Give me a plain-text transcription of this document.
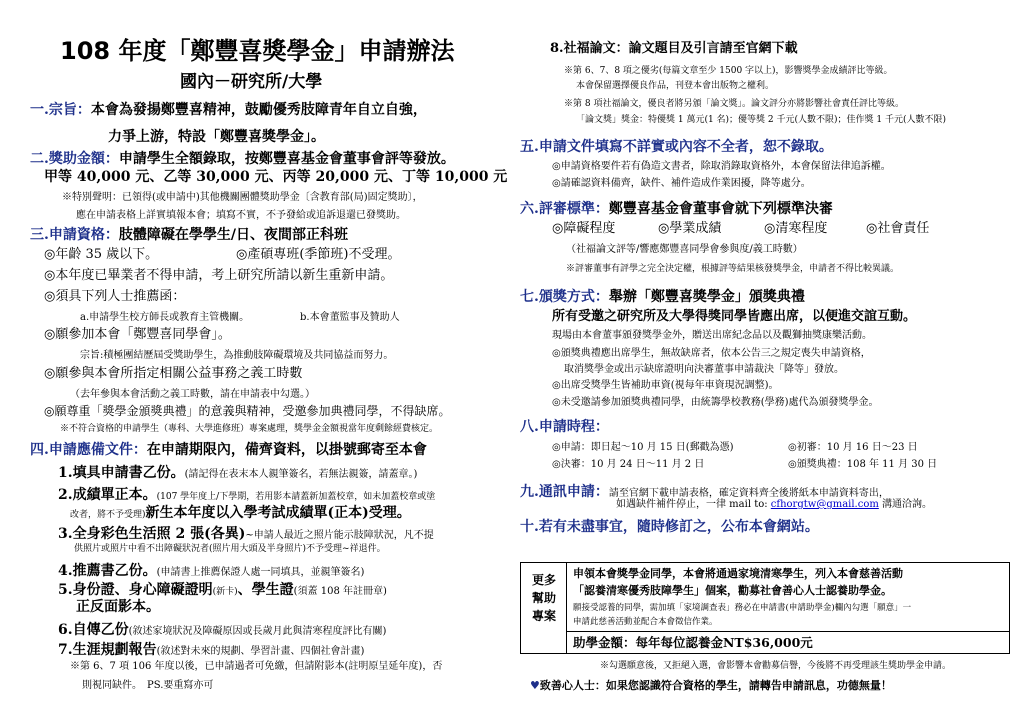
108 年度「鄭豐喜獎學金」申請辦法
國內－研究所/大學
一.宗旨：本會為發揚鄭豐喜精神，鼓勵優秀肢障青年自立自強，
力爭上游，特設「鄭豐喜獎學金」。
二.獎助金額：申請學生全額錄取，按鄭豐喜基金會董事會評等發放。
甲等 40,000 元、乙等 30,000 元、丙等 20,000 元、丁等 10,000 元
※特別聲明：已領得(或申請中)其他機關團體獎助學金〔含教育部(局)固定獎助〕，
應在申請表格上詳實填報本會；填寫不實，不予發給或追訴退還已發獎助。
三.申請資格：肢體障礙在學學生/日、夜間部正科班
◎年齡 35 歲以下。	◎產碩專班(季節班)不受理。
◎本年度已畢業者不得申請，考上研究所請以新生重新申請。
◎須具下列人士推薦函：
a.申請學生校方師長或教育主管機關。	b.本會董監事及贊助人
◎願參加本會「鄭豐喜同學會」。
宗旨:積極團結歷屆受獎助學生，為推動肢障礙環境及共同協益而努力。
◎願參與本會所指定相關公益事務之義工時數
（去年參與本會活動之義工時數，請在申請表中勾選。）
◎願尊重「獎學金頒獎典禮」的意義與精神，受邀參加典禮同學，不得缺席。
※不符合資格的申請學生（專科、大學進修班）專案處理，獎學金金額視當年度剩餘經費核定。
四.申請應備文件：在申請期限內，備齊資料，以掛號郵寄至本會
1.填具申請書乙份。(請記得在表末本人親筆簽名，若無法親簽，請蓋章。)
2.成績單正本。(107 學年度上/下學期，若用影本請蓋新加蓋校章，如未加蓋校章或塗
改者，將不予受理)新生本年度以入學考試成績單(正本)受理。
3.全身彩色生活照 2 張(各異)~申請人最近之照片能示肢障狀況，凡不提
供照片或照片中看不出障礙狀況者(照片用大頭及半身照片)不予受理~祥退件。
4.推薦書乙份。(申請書上推薦保證人處一同填具，並親筆簽名)
5.身份證、身心障礙證明(新卡)、學生證(須蓋 108 年註冊章)
正反面影本。
6.自傳乙份(敘述家境狀況及障礙原因或長歲月此與清寒程度評比有關)
7.生涯規劃報告(敘述對未來的規劃、學習計畫、四個社會計畫)
※第 6、7 項 106 年度以後，已申請過者可免繳，但請附影本(註明原呈延年度)，否
則視同缺件。　PS.要重寫亦可
8.社福論文：論文題目及引言請至官網下載
※第 6、7、8 項之優劣(每篇文章至少 1500 字以上)，影響獎學金成績評比等級。
本會保留選擇優良作品，刊登本會出版物之權利。
※第 8 項社福論文，優良者將另頒「論文獎」。論文評分亦將影響社會責任評比等級。
「論文獎」獎金：特優獎 1 萬元(1 名)；優等獎 2 千元(人數不限)；佳作獎 1 千元(人數不限)
五.申請文件填寫不詳實或內容不全者，恕不錄取。
◎申請資格要件若有偽造文書者，除取消錄取資格外，本會保留法律追訴權。
◎請確認資料備齊，缺件、補件造成作業困擾，降等處分。
六.評審標準：鄭豐喜基金會董事會就下列標準決審
◎障礙程度	◎學業成績	◎清寒程度	◎社會責任
（社福論文評等/響應鄭豐喜同學會參與度/義工時數）
※評審董事有評學之完全決定權，根據評等結果核發獎學金，申請者不得比較異議。
七.頒獎方式：舉辦「鄭豐喜獎學金」頒獎典禮
所有受邀之研究所及大學得獎同學皆應出席，以便進交誼互動。
現場由本會董事頒發獎學金外，贈送出席紀念品以及觀獅抽獎康樂活動。
◎頒獎典禮應出席學生，無故缺席者，依本公告三之規定喪失申請資格，
取消獎學金或出示缺席證明向決審董事申請裁決「降等」發放。
◎出席受獎學生皆補助車資(視每年車資現況調整)。
◎未受邀請參加頒獎典禮同學，由統籌學校教務(學務)處代為頒發獎學金。
八.申請時程：
◎申請：即日起～10 月 15 日(郵戳為憑)	◎初審：10 月 16 日～23 日
◎決審：10 月 24 日～11 月 2 日	◎頒獎典禮：108 年 11 月 30 日
九.通訊申請：請至官網下載申請表格，確定資料齊全後將紙本申請資料寄出，
如遇缺件補件停止，一律 mail to: cfhorgtw@gmail.com 溝通洽詢。
十.若有未盡事宜，隨時修訂之，公布本會網站。
更多幫助專案
申領本會獎學金同學，本會將通過家境清寒學生，列入本會慈善活動
「認養清寒優秀肢障學生」個案，勸募社會善心人士認養助學金。
願接受認養的同學，需加填「家境調查表」務必在申請書(申請助學金)欄內勾選「願意」一
申請此慈善活動並配合本會徵信作業。
助學金額：每年每位認養金NT$36,000元
※勾選願意後，又拒絕入選，會影響本會勸募信譽，今後將不再受理該生獎助學金申請。
♥致善心人士：如果您認識符合資格的學生，請轉告申請訊息，功德無量！
